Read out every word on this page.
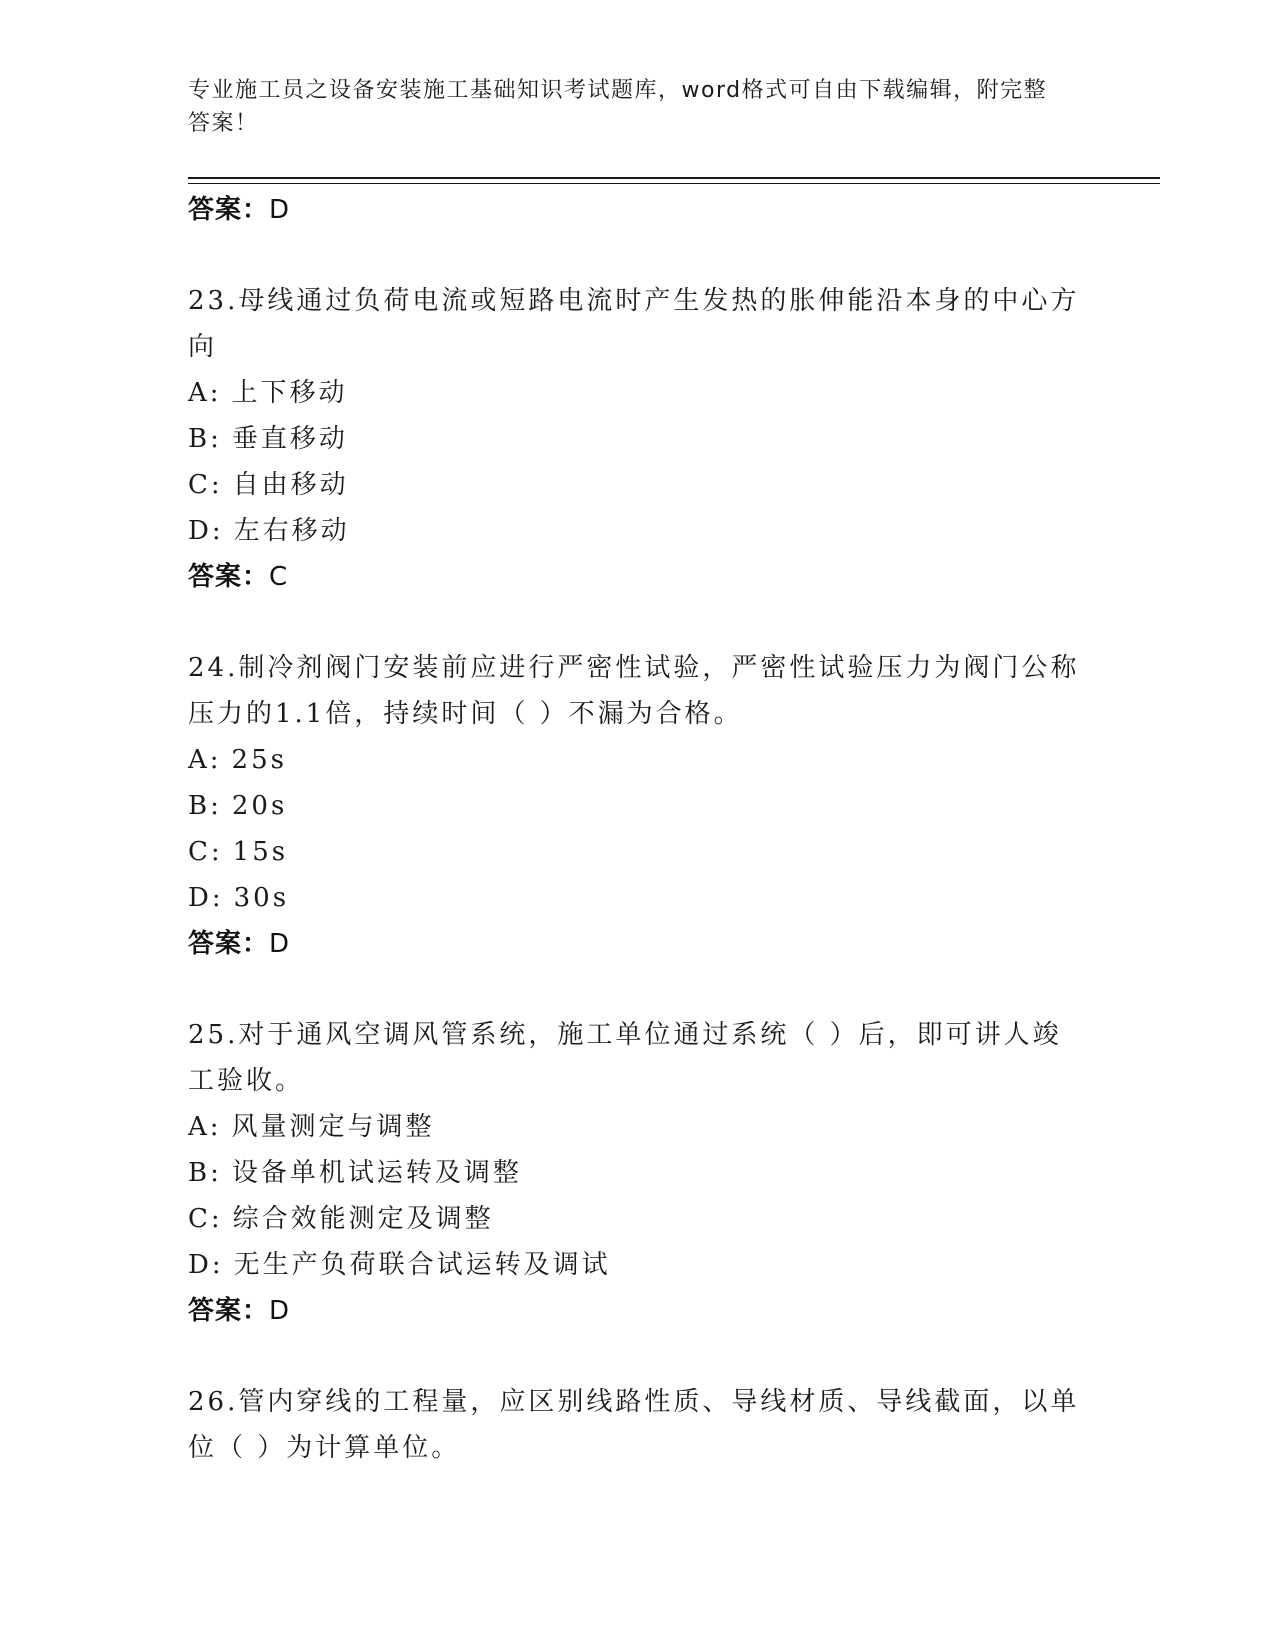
专业施工员之设备安装施工基础知识考试题库，word格式可自由下载编辑，附完整答案！
答案：D
23.母线通过负荷电流或短路电流时产生发热的胀伸能沿本身的中心方向
A: 上下移动
B: 垂直移动
C: 自由移动
D: 左右移动
答案：C
24.制冷剂阀门安装前应进行严密性试验，严密性试验压力为阀门公称压力的1.1倍，持续时间（ ）不漏为合格。
A: 25s
B: 20s
C: 15s
D: 30s
答案：D
25.对于通风空调风管系统，施工单位通过系统（ ）后，即可讲人竣工验收。
A: 风量测定与调整
B: 设备单机试运转及调整
C: 综合效能测定及调整
D: 无生产负荷联合试运转及调试
答案：D
26.管内穿线的工程量，应区别线路性质、导线材质、导线截面，以单位（ ）为计算单位。
